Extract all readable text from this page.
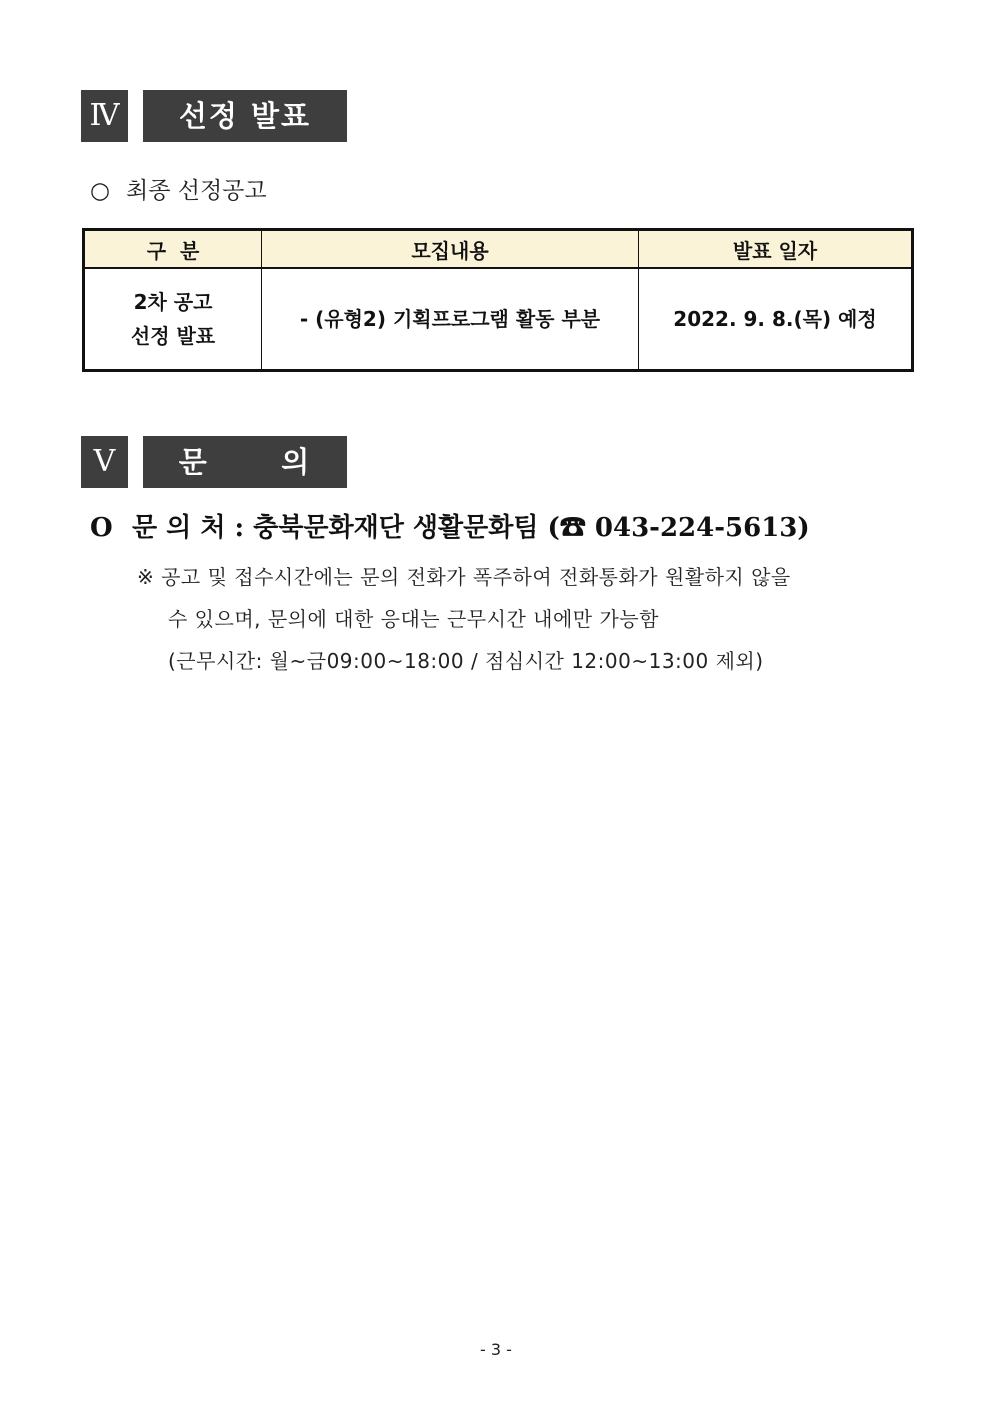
Ⅳ	선정 발표
○ 최종 선정공고
구  분	모집내용	발표 일자

2차 공고
선정 발표	- (유형2) 기획프로그램 활동 부분	2022. 9. 8.(목) 예정
Ⅴ	문      의
O 문 의 처 : 충북문화재단 생활문화팀 (☎ 043-224-5613)
※ 공고 및 접수시간에는 문의 전화가 폭주하여 전화통화가 원활하지 않을
수 있으며, 문의에 대한 응대는 근무시간 내에만 가능함
(근무시간: 월~금09:00~18:00 / 점심시간 12:00~13:00 제외)
- 3 -
